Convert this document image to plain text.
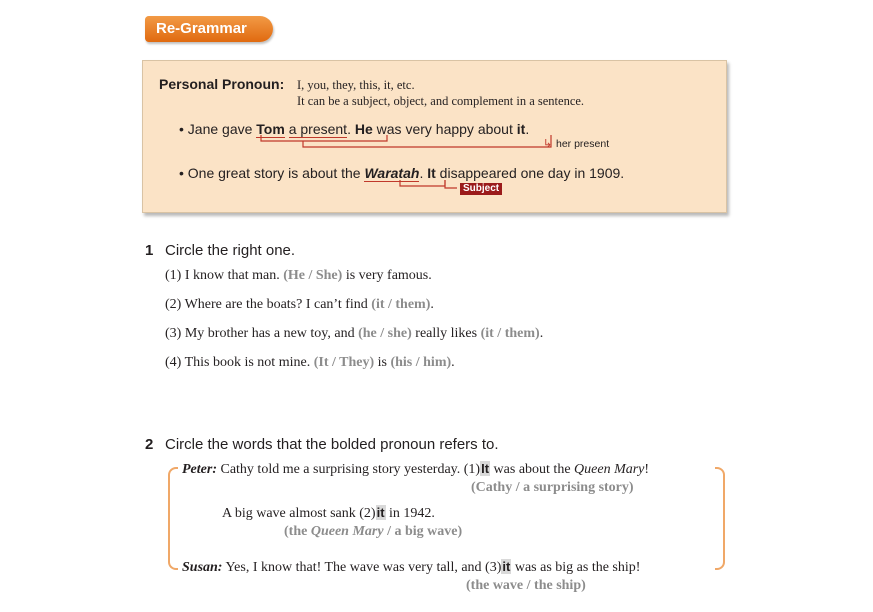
Re-Grammar
Personal Pronoun: I, you, they, this, it, etc.
It can be a subject, object, and complement in a sentence.
• Jane gave Tom a present. He was very happy about it.
↳ her present
• One great story is about the Waratah. It disappeared one day in 1909.
Subject
1 Circle the right one.
(1) I know that man. (He / She) is very famous.
(2) Where are the boats? I can’t find (it / them).
(3) My brother has a new toy, and (he / she) really likes (it / them).
(4) This book is not mine. (It / They) is (his / him).
2 Circle the words that the bolded pronoun refers to.
Peter: Cathy told me a surprising story yesterday. (1)It was about the Queen Mary!
(Cathy / a surprising story)
A big wave almost sank (2)it in 1942.
(the Queen Mary / a big wave)
Susan: Yes, I know that! The wave was very tall, and (3)it was as big as the ship!
(the wave / the ship)
